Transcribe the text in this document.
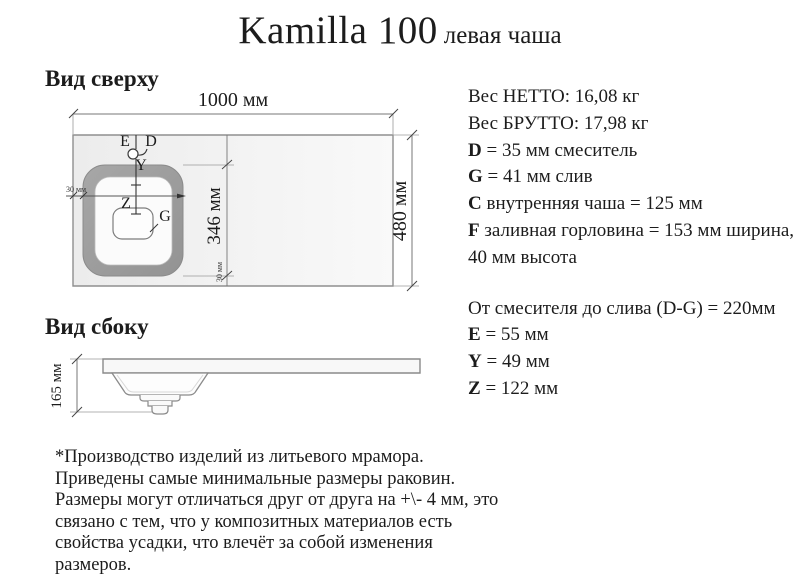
Kamilla 100 левая чаша
Вид сверху
1000 мм
480 мм
E D
Y
Z
G
30 мм	346 мм
30 мм
Вид сбоку
165 мм
Вес НЕТТО: 16,08 кг
Вес БРУТТО: 17,98 кг
D = 35 мм смеситель
G = 41 мм слив
C внутренняя чаша = 125 мм
F заливная горловина = 153 мм ширина,
40 мм высота
От смесителя до слива (D-G) = 220мм
E = 55 мм
Y = 49 мм
Z = 122 мм
*Производство изделий из литьевого мрамора. Приведены самые минимальные размеры раковин. Размеры могут отличаться друг от друга на +\- 4 мм, это связано с тем, что у композитных материалов есть свойства усадки, что влечёт за собой изменения размеров.
